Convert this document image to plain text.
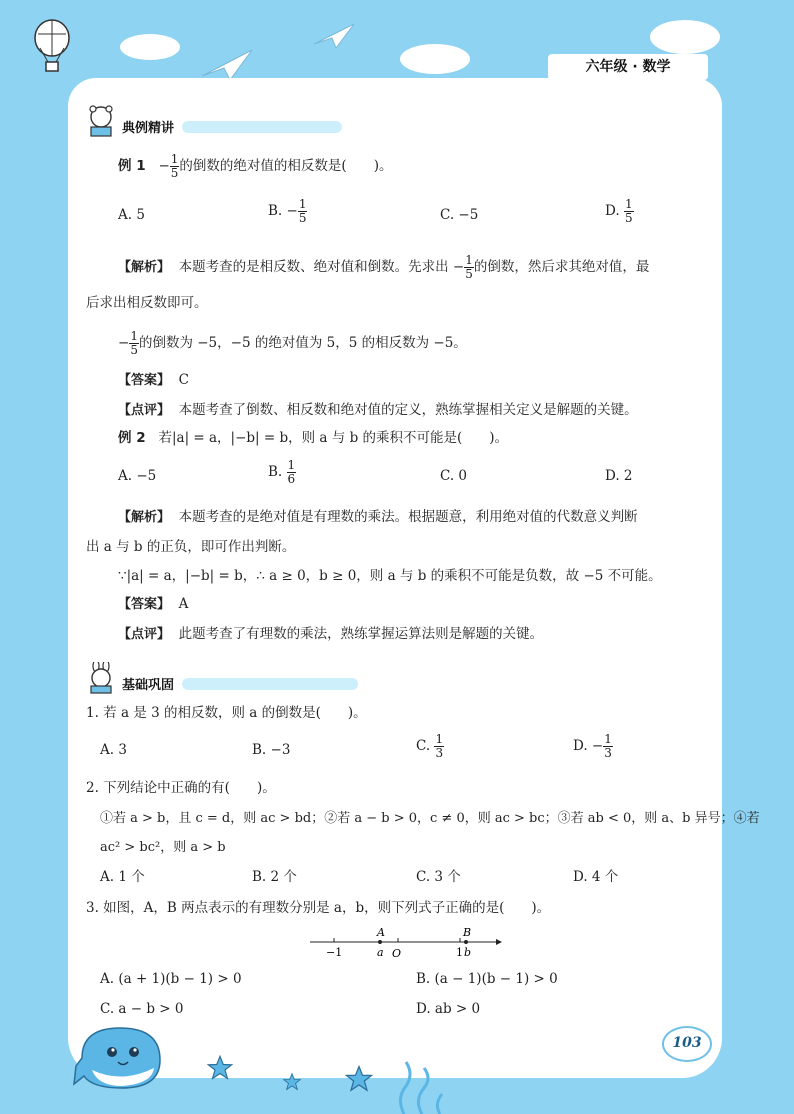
六年级 · 数学
典例精讲
例 $1 - \frac{1}{5}$ 的倒数的绝对值的相反数是(　　)。
A. 5	B. − $\frac{1}{5}$	C. −5	D. $\frac{1}{5}$
【解析】 本题考查的是相反数、绝对值和倒数。先求出 − $\frac{1}{5}$ 的倒数，然后求其绝对值，最
后求出相反数即可。
− $\frac{1}{5}$ 的倒数为 −5，−5 的绝对值为 5，5 的相反数为 −5。
【答案】 C
【点评】 本题考查了倒数、相反数和绝对值的定义，熟练掌握相关定义是解题的关键。
例 2 若|a| = a，|−b| = b，则 a 与 b 的乘积不可能是(　　)。
A. −5	B. $\frac{1}{6}$	C. 0	D. 2
【解析】 本题考查的是绝对值是有理数的乘法。根据题意，利用绝对值的代数意义判断
出 a 与 b 的正负，即可作出判断。
∵|a| = a，|−b| = b，∴ a ≥ 0，b ≥ 0，则 a 与 b 的乘积不可能是负数，故 −5 不可能。
【答案】 A
【点评】 此题考查了有理数的乘法，熟练掌握运算法则是解题的关键。
基础巩固
1. 若 a 是 3 的相反数，则 a 的倒数是(　　)。
A. 3	B. −3	C. $\frac{1}{3}$	D. − $\frac{1}{3}$
2. 下列结论中正确的有(　　)。
①若 a > b，且 c = d，则 ac > bd；②若 a − b > 0，c ≠ 0，则 ac > bc；③若 ab < 0，则 a、b 异号；④若
ac² > bc²，则 a > b
A. 1 个	B. 2 个	C. 3 个	D. 4 个
3. 如图，A，B 两点表示的有理数分别是 a，b，则下列式子正确的是(　　)。
−1	O	1
A
a
B
b
A. (a + 1)(b − 1) > 0	B. (a − 1)(b − 1) > 0
C. a − b > 0	D. ab > 0
103
